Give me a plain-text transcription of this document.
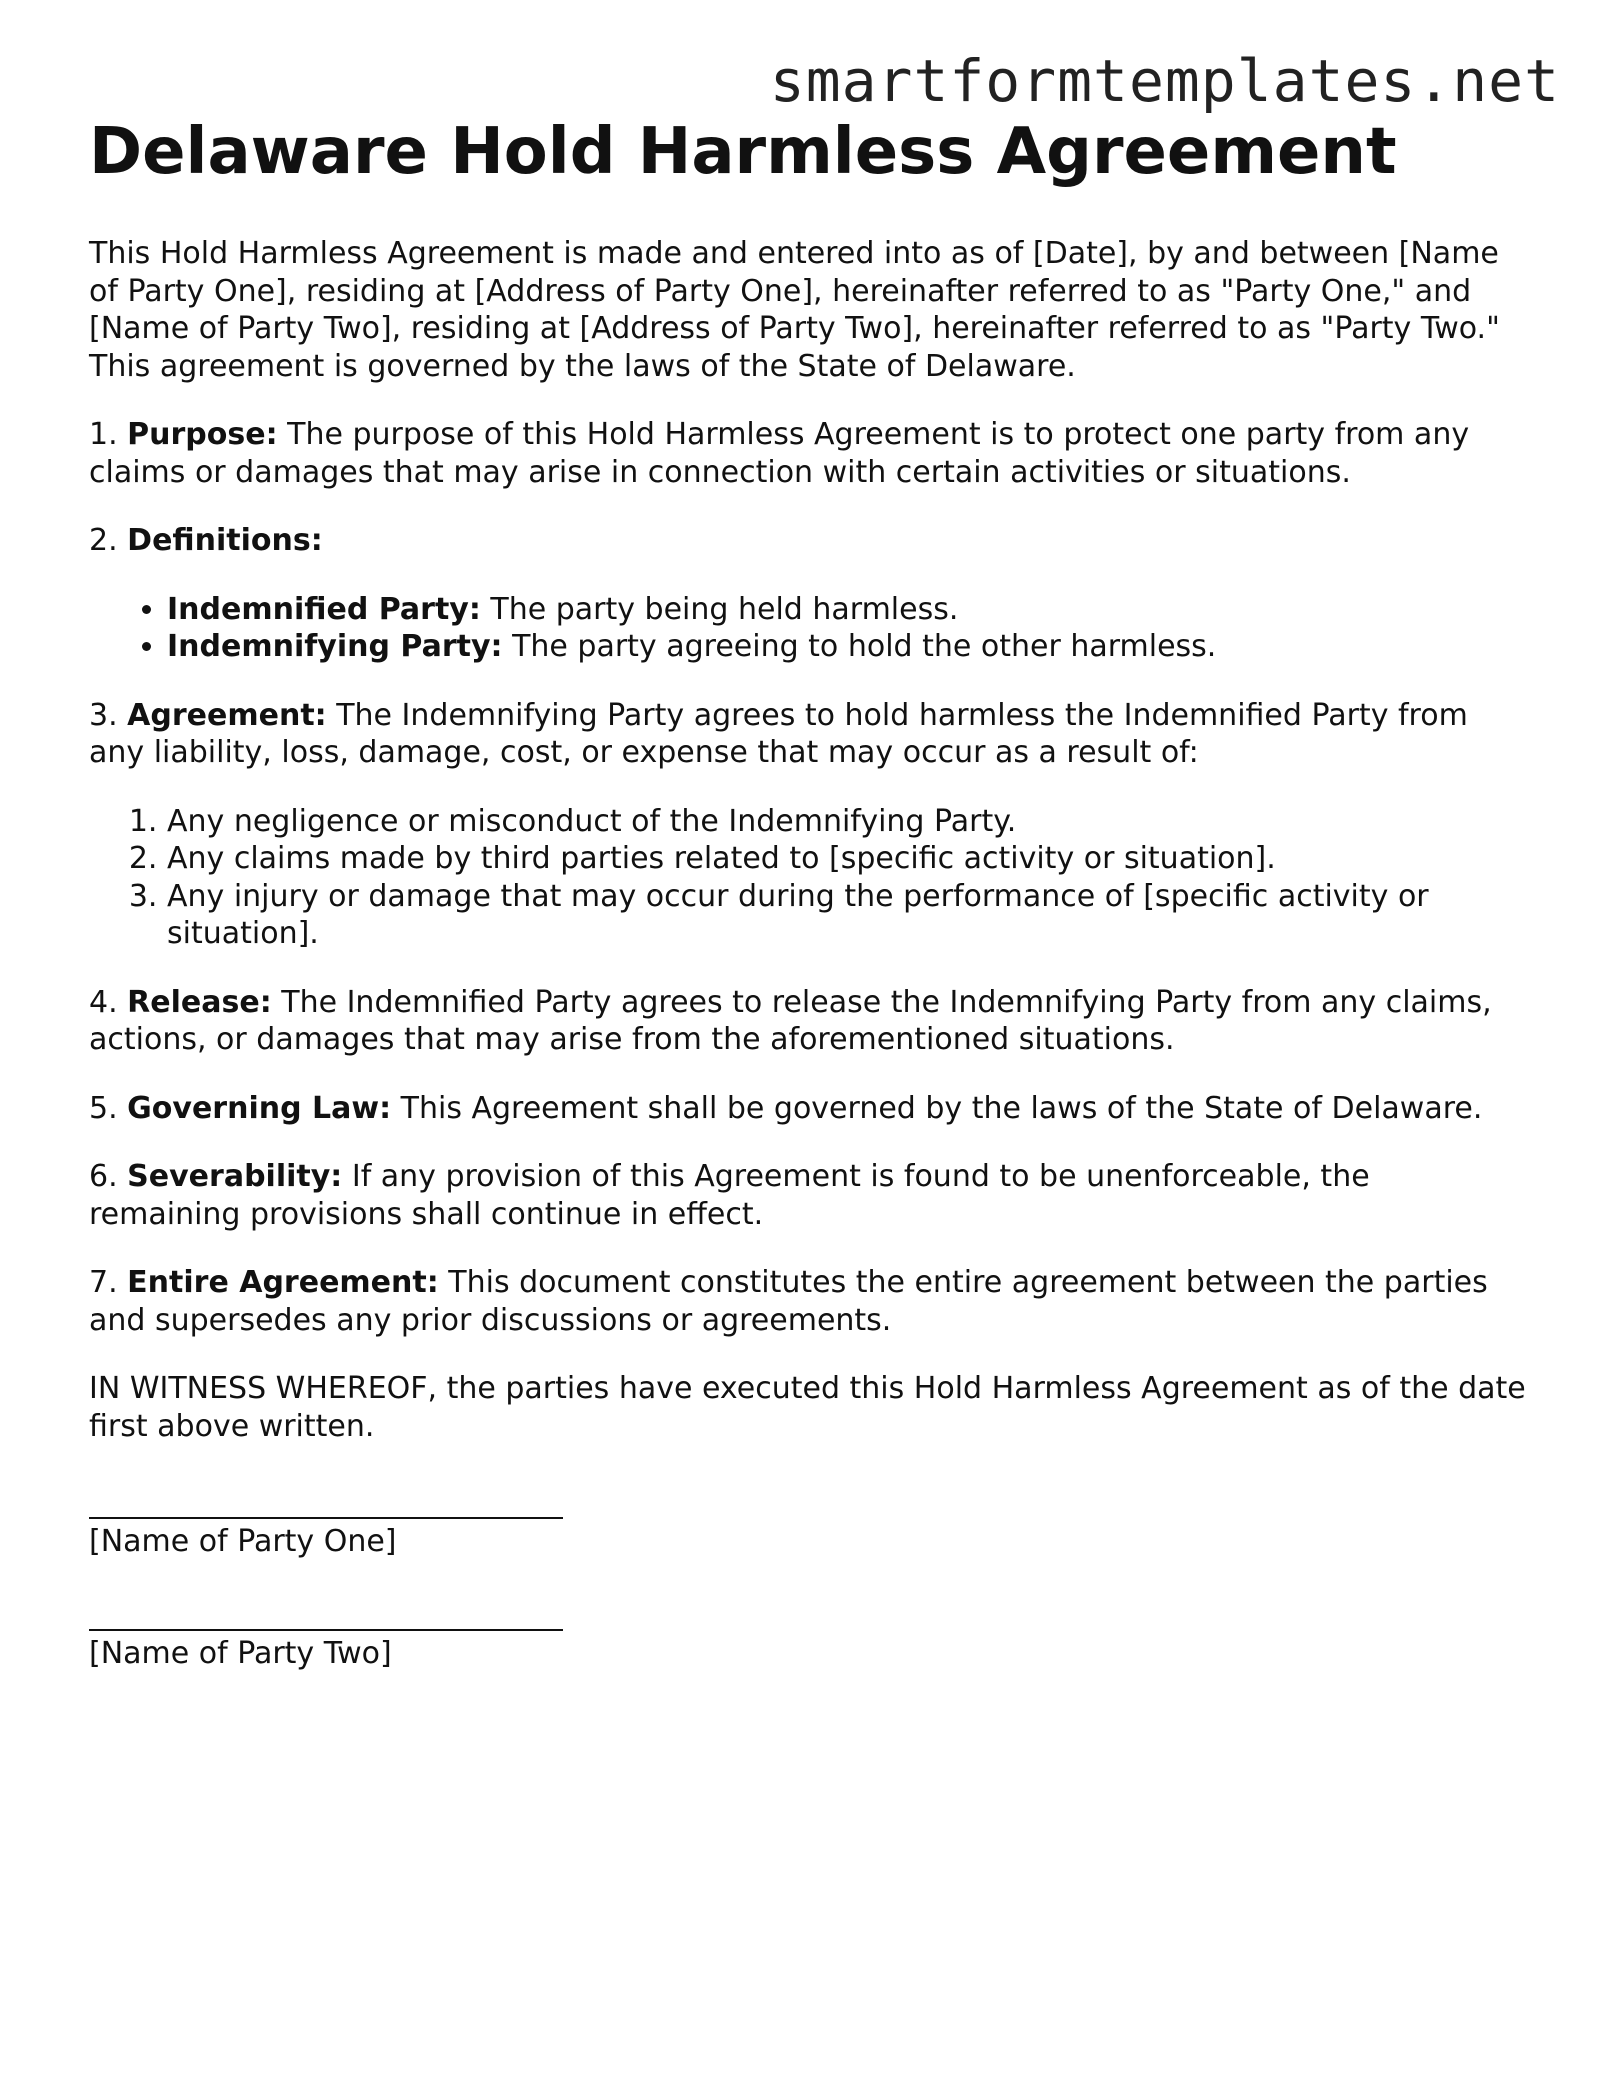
smartformtemplates.net
Delaware Hold Harmless Agreement

This Hold Harmless Agreement is made and entered into as of [Date], by and between [Name of Party One], residing at [Address of Party One], hereinafter referred to as "Party One," and [Name of Party Two], residing at [Address of Party Two], hereinafter referred to as "Party Two." This agreement is governed by the laws of the State of Delaware.

1. Purpose: The purpose of this Hold Harmless Agreement is to protect one party from any claims or damages that may arise in connection with certain activities or situations.

2. Definitions:

• Indemnified Party: The party being held harmless.
• Indemnifying Party: The party agreeing to hold the other harmless.

3. Agreement: The Indemnifying Party agrees to hold harmless the Indemnified Party from any liability, loss, damage, cost, or expense that may occur as a result of:

1. Any negligence or misconduct of the Indemnifying Party.
2. Any claims made by third parties related to [specific activity or situation].
3. Any injury or damage that may occur during the performance of [specific activity or situation].

4. Release: The Indemnified Party agrees to release the Indemnifying Party from any claims, actions, or damages that may arise from the aforementioned situations.

5. Governing Law: This Agreement shall be governed by the laws of the State of Delaware.

6. Severability: If any provision of this Agreement is found to be unenforceable, the remaining provisions shall continue in effect.

7. Entire Agreement: This document constitutes the entire agreement between the parties and supersedes any prior discussions or agreements.

IN WITNESS WHEREOF, the parties have executed this Hold Harmless Agreement as of the date first above written.

[Name of Party One]
[Name of Party Two]
